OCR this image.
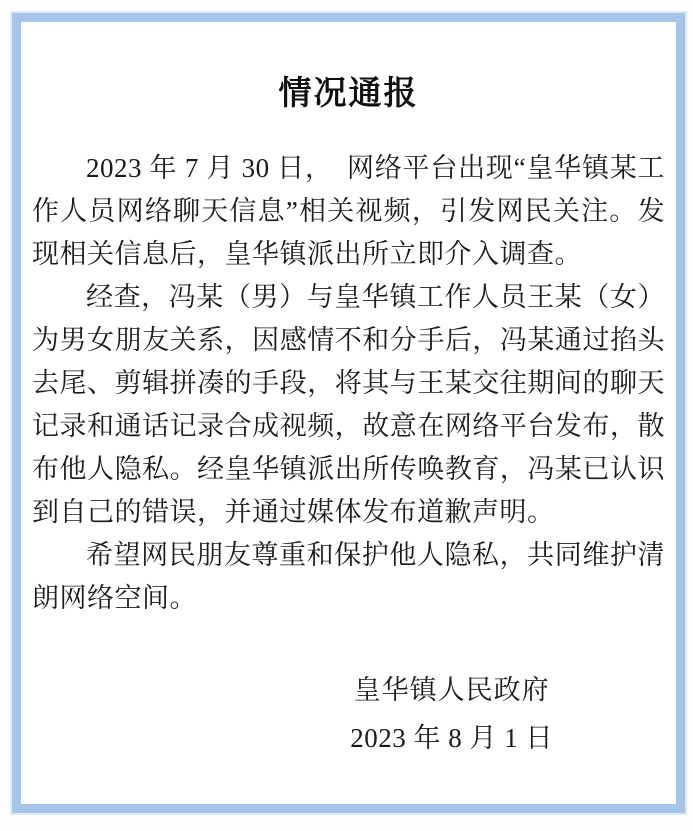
情况通报

2023 年 7 月 30 日，　网络平台出现“皇华镇某工作人员网络聊天信息”相关视频，引发网民关注。发现相关信息后，皇华镇派出所立即介入调查。

经查，冯某（男）与皇华镇工作人员王某（女）为男女朋友关系，因感情不和分手后，冯某通过掐头去尾、剪辑拼凑的手段，将其与王某交往期间的聊天记录和通话记录合成视频，故意在网络平台发布，散布他人隐私。经皇华镇派出所传唤教育，冯某已认识到自己的错误，并通过媒体发布道歉声明。

希望网民朋友尊重和保护他人隐私，共同维护清朗网络空间。

皇华镇人民政府
2023 年 8 月 1 日
